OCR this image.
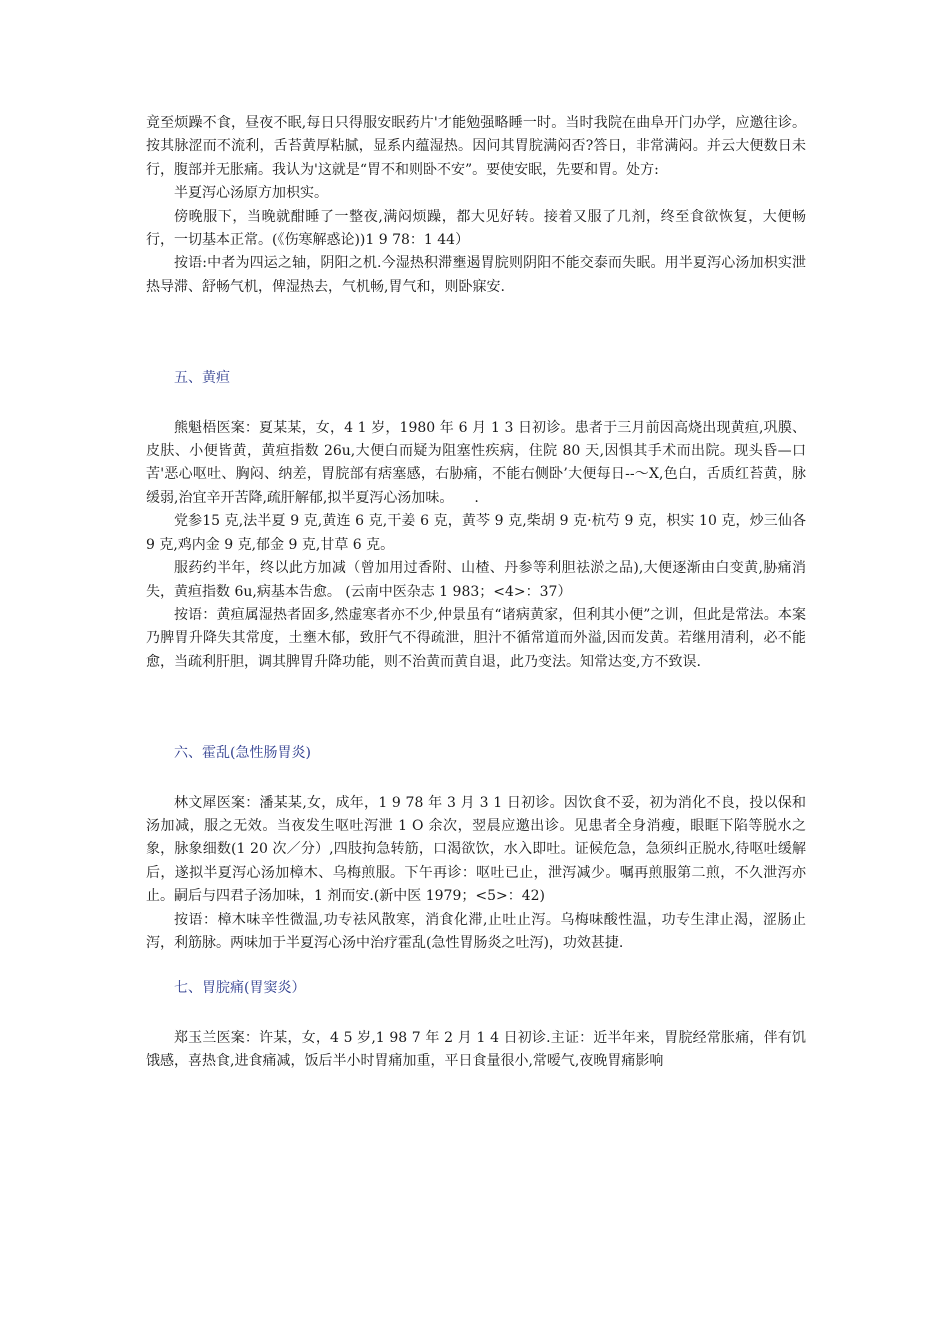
竟至烦躁不食，昼夜不眠,每日只得服安眠药片'才能勉强略睡一时。当时我院在曲阜开门办学，应邀往诊。按其脉涩而不流利，舌苔黄厚粘腻，显系内蕴湿热。因问其胃脘满闷否?答日，非常满闷。并云大便数日未行，腹部并无胀痛。我认为'这就是“胃不和则卧不安”。要使安眠，先要和胃。处方:

半夏泻心汤原方加枳实。

傍晚服下，当晚就酣睡了一整夜,满闷烦躁，都大见好转。接着又服了几剂，终至食欲恢复，大便畅行，一切基本正常。(《伤寒解惑论))1 9 78：1 44）

按语:中者为四运之轴，阴阳之机.今湿热积滞壅遏胃脘则阴阳不能交泰而失眠。用半夏泻心汤加枳实泄热导滞、舒畅气机，俾湿热去，气机畅,胃气和，则卧寐安.

五、黄疸

熊魁梧医案：夏某某，女，4 1 岁，1980 年 6 月 1 3 日初诊。患者于三月前因高烧出现黄疸,巩膜、皮肤、小便皆黄，黄疸指数 26u,大便白而疑为阻塞性疾病，住院 80 天,因惧其手术而出院。现头昏—口苦'恶心呕吐、胸闷、纳差，胃脘部有痞塞感，右胁痛，不能右侧卧’大便每日--～X,色白，舌质红苔黄，脉缓弱,治宜辛开苦降,疏肝解郁,拟半夏泻心汤加味。　　.

党参15 克,法半夏 9 克,黄连 6 克,干姜 6 克，黄芩 9 克,柴胡 9 克·杭芍 9 克，枳实 10 克，炒三仙各 9 克,鸡内金 9 克,郁金 9 克,甘草 6 克。

服药约半年，终以此方加减（曾加用过香附、山楂、丹参等利胆祛淤之品),大便逐渐由白变黄,胁痛消失，黄疸指数 6u,病基本告愈。 (云南中医杂志 1 983；<4>：37）

按语：黄疸属湿热者固多,然虚寒者亦不少,仲景虽有“诸病黄家，但利其小便”之训，但此是常法。本案乃脾胃升降失其常度，土壅木郁，致肝气不得疏泄，胆汁不循常道而外溢,因而发黄。若继用清利，必不能愈，当疏利肝胆，调其脾胃升降功能，则不治黄而黄自退，此乃变法。知常达变,方不致误.

六、霍乱(急性肠胃炎)

林文犀医案：潘某某,女，成年，1 9 78 年 3 月 3 1 日初诊。因饮食不妥，初为消化不良，投以保和汤加减，服之无效。当夜发生呕吐泻泄 1 O 余次，翌晨应邀出诊。见患者全身消瘦，眼眶下陷等脱水之象，脉象细数(1 20 次／分）,四肢拘急转筋，口渴欲饮，水入即吐。证候危急，急须纠正脱水,待呕吐缓解后，遂拟半夏泻心汤加樟木、乌梅煎服。下午再诊：呕吐已止，泄泻减少。嘱再煎服第二煎，不久泄泻亦止。嗣后与四君子汤加味，1 剂而安.(新中医 1979；<5>：42)

按语：樟木味辛性微温,功专祛风散寒，消食化滞,止吐止泻。乌梅味酸性温，功专生津止渴，涩肠止泻，利筋脉。两味加于半夏泻心汤中治疗霍乱(急性胃肠炎之吐泻)，功效甚捷.

七、胃脘痛(胃窦炎）

郑玉兰医案：许某，女，4 5 岁,1 98 7 年 2 月 1 4 日初诊.主证：近半年来，胃脘经常胀痛，伴有饥饿感，喜热食,进食痛减，饭后半小时胃痛加重，平日食量很小,常嗳气,夜晚胃痛影响
